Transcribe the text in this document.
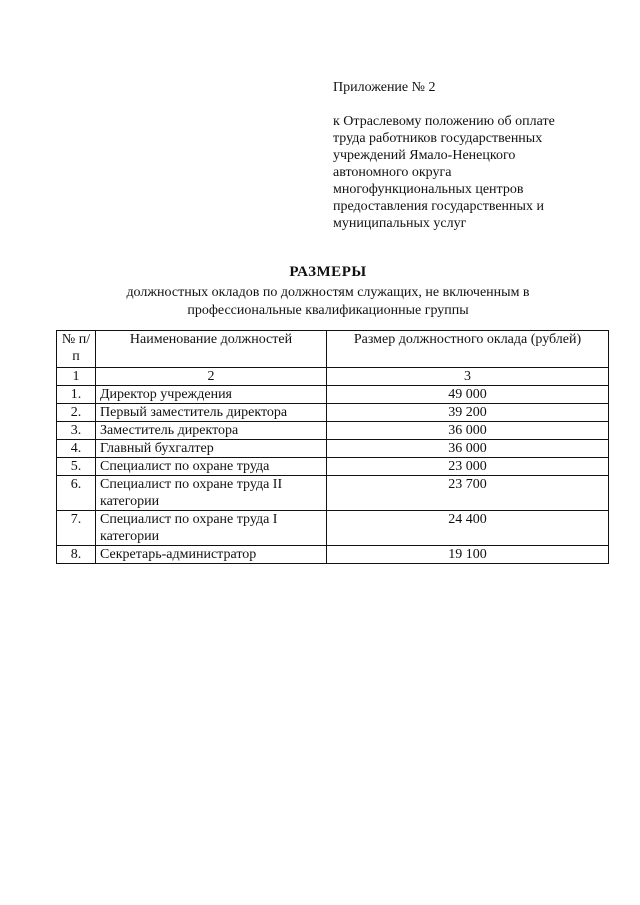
Приложение № 2
к Отраслевому положению об оплате
труда работников государственных
учреждений Ямало-Ненецкого
автономного округа
многофункциональных центров
предоставления государственных и
муниципальных услуг
РАЗМЕРЫ
должностных окладов по должностям служащих, не включенным в
профессиональные квалификационные группы
№ п/п	Наименование должностей	Размер должностного оклада (рублей)
1	2	3
1.	Директор учреждения	49 000
2.	Первый заместитель директора	39 200
3.	Заместитель директора	36 000
4.	Главный бухгалтер	36 000
5.	Специалист по охране труда	23 000
6.	Специалист по охране труда II категории	23 700
7.	Специалист по охране труда I категории	24 400
8.	Секретарь-администратор	19 100
